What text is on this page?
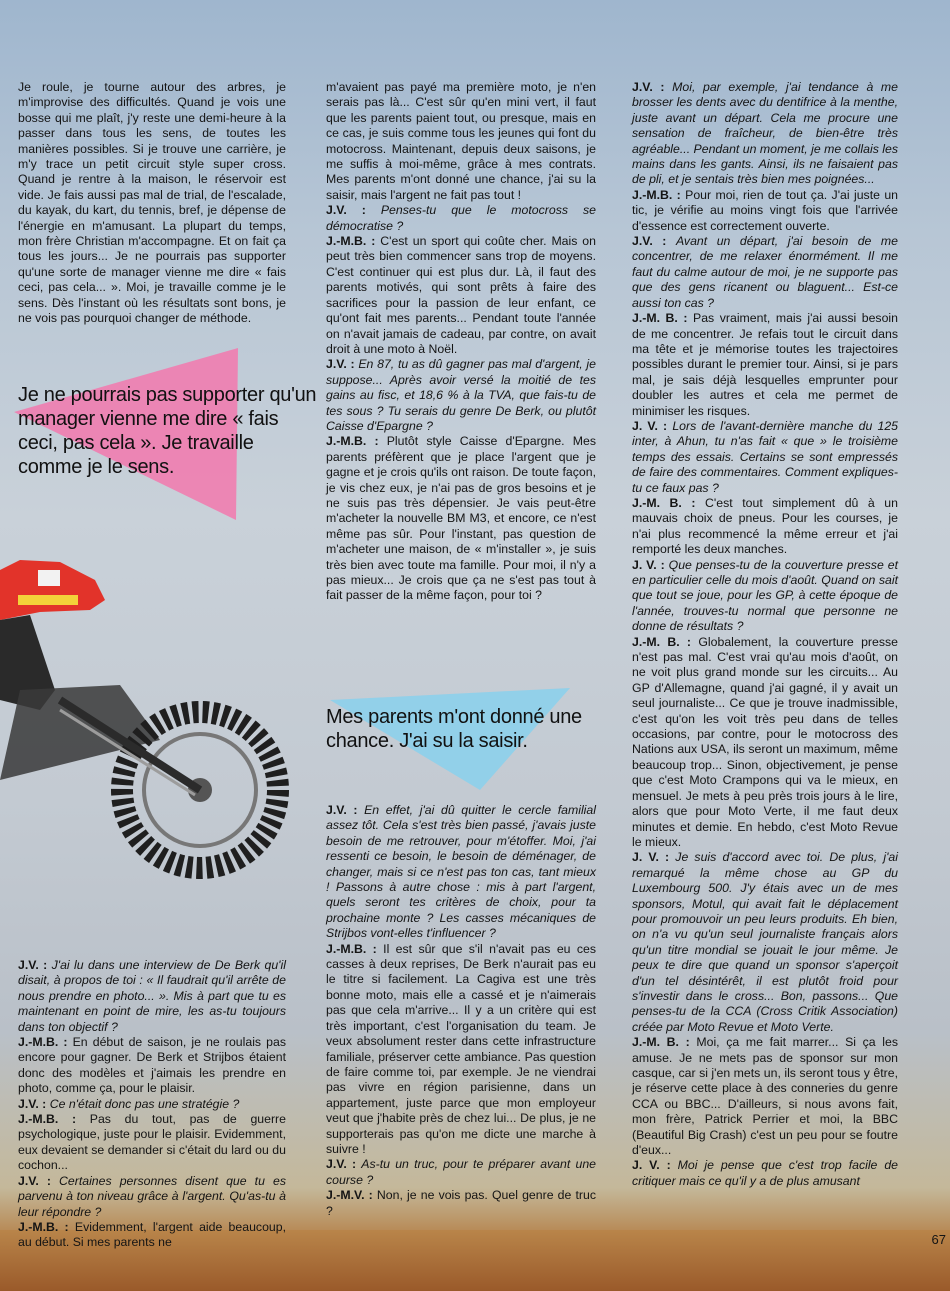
Je roule, je tourne autour des arbres, je m'improvise des difficultés. Quand je vois une bosse qui me plaît, j'y reste une demi-heure à la passer dans tous les sens, de toutes les manières possibles. Si je trouve une carrière, je m'y trace un petit circuit style super cross. Quand je rentre à la maison, le réservoir est vide. Je fais aussi pas mal de trial, de l'escalade, du kayak, du kart, du tennis, bref, je dépense de l'énergie en m'amusant. La plupart du temps, mon frère Christian m'accompagne. Et on fait ça tous les jours... Je ne pourrais pas supporter qu'une sorte de manager vienne me dire « fais ceci, pas cela... ». Moi, je travaille comme je le sens. Dès l'instant où les résultats sont bons, je ne vois pas pourquoi changer de méthode.

Je ne pourrais pas supporter qu'un manager vienne me dire « fais ceci, pas cela ». Je travaille comme je le sens.

J.V. : J'ai lu dans une interview de De Berk qu'il disait, à propos de toi : « Il faudrait qu'il arrête de nous prendre en photo... ». Mis à part que tu es maintenant en point de mire, les as-tu toujours dans ton objectif ?

J.-M.B. : En début de saison, je ne roulais pas encore pour gagner. De Berk et Strijbos étaient donc des modèles et j'aimais les prendre en photo, comme ça, pour le plaisir.

J.V. : Ce n'était donc pas une stratégie ?

J.-M.B. : Pas du tout, pas de guerre psychologique, juste pour le plaisir. Evidemment, eux devaient se demander si c'était du lard ou du cochon...

J.V. : Certaines personnes disent que tu es parvenu à ton niveau grâce à l'argent. Qu'as-tu à leur répondre ?

J.-M.B. : Evidemment, l'argent aide beaucoup, au début. Si mes parents ne

m'avaient pas payé ma première moto, je n'en serais pas là... C'est sûr qu'en mini vert, il faut que les parents paient tout, ou presque, mais en ce cas, je suis comme tous les jeunes qui font du motocross. Maintenant, depuis deux saisons, je me suffis à moi-même, grâce à mes contrats. Mes parents m'ont donné une chance, j'ai su la saisir, mais l'argent ne fait pas tout !

J.V. : Penses-tu que le motocross se démocratise ?

J.-M.B. : C'est un sport qui coûte cher. Mais on peut très bien commencer sans trop de moyens. C'est continuer qui est plus dur. Là, il faut des parents motivés, qui sont prêts à faire des sacrifices pour la passion de leur enfant, ce qu'ont fait mes parents... Pendant toute l'année on n'avait jamais de cadeau, par contre, on avait droit à une moto à Noël.

J.V. : En 87, tu as dû gagner pas mal d'argent, je suppose... Après avoir versé la moitié de tes gains au fisc, et 18,6 % à la TVA, que fais-tu de tes sous ? Tu serais du genre De Berk, ou plutôt Caisse d'Epargne ?

J.-M.B. : Plutôt style Caisse d'Epargne. Mes parents préfèrent que je place l'argent que je gagne et je crois qu'ils ont raison. De toute façon, je vis chez eux, je n'ai pas de gros besoins et je ne suis pas très dépensier. Je vais peut-être m'acheter la nouvelle BM M3, et encore, ce n'est même pas sûr. Pour l'instant, pas question de m'acheter une maison, de « m'installer », je suis très bien avec toute ma famille. Pour moi, il n'y a pas mieux... Je crois que ça ne s'est pas tout à fait passer de la même façon, pour toi ?

Mes parents m'ont donné une chance. J'ai su la saisir.

J.V. : En effet, j'ai dû quitter le cercle familial assez tôt. Cela s'est très bien passé, j'avais juste besoin de me retrouver, pour m'étoffer. Moi, j'ai ressenti ce besoin, le besoin de déménager, de changer, mais si ce n'est pas ton cas, tant mieux ! Passons à autre chose : mis à part l'argent, quels seront tes critères de choix, pour ta prochaine monte ? Les casses mécaniques de Strijbos vont-elles t'influencer ?

J.-M.B. : Il est sûr que s'il n'avait pas eu ces casses à deux reprises, De Berk n'aurait pas eu le titre si facilement. La Cagiva est une très bonne moto, mais elle a cassé et je n'aimerais pas que cela m'arrive... Il y a un critère qui est très important, c'est l'organisation du team. Je veux absolument rester dans cette infrastructure familiale, préserver cette ambiance. Pas question de faire comme toi, par exemple. Je ne viendrai pas vivre en région parisienne, dans un appartement, juste parce que mon employeur veut que j'habite près de chez lui... De plus, je ne supporterais pas qu'on me dicte une marche à suivre !

J.V. : As-tu un truc, pour te préparer avant une course ?

J.-M.V. : Non, je ne vois pas. Quel genre de truc ?

J.V. : Moi, par exemple, j'ai tendance à me brosser les dents avec du dentifrice à la menthe, juste avant un départ. Cela me procure une sensation de fraîcheur, de bien-être très agréable... Pendant un moment, je me collais les mains dans les gants. Ainsi, ils ne faisaient pas de pli, et je sentais très bien mes poignées...

J.-M.B. : Pour moi, rien de tout ça. J'ai juste un tic, je vérifie au moins vingt fois que l'arrivée d'essence est correctement ouverte.

J.V. : Avant un départ, j'ai besoin de me concentrer, de me relaxer énormément. Il me faut du calme autour de moi, je ne supporte pas que des gens ricanent ou blaguent... Est-ce aussi ton cas ?

J.-M. B. : Pas vraiment, mais j'ai aussi besoin de me concentrer. Je refais tout le circuit dans ma tête et je mémorise toutes les trajectoires possibles durant le premier tour. Ainsi, si je pars mal, je sais déjà lesquelles emprunter pour doubler les autres et cela me permet de minimiser les risques.

J. V. : Lors de l'avant-dernière manche du 125 inter, à Ahun, tu n'as fait « que » le troisième temps des essais. Certains se sont empressés de faire des commentaires. Comment expliques-tu ce faux pas ?

J.-M. B. : C'est tout simplement dû à un mauvais choix de pneus. Pour les courses, je n'ai plus recommencé la même erreur et j'ai remporté les deux manches.

J. V. : Que penses-tu de la couverture presse et en particulier celle du mois d'août. Quand on sait que tout se joue, pour les GP, à cette époque de l'année, trouves-tu normal que personne ne donne de résultats ?

J.-M. B. : Globalement, la couverture presse n'est pas mal. C'est vrai qu'au mois d'août, on ne voit plus grand monde sur les circuits... Au GP d'Allemagne, quand j'ai gagné, il y avait un seul journaliste... Ce que je trouve inadmissible, c'est qu'on les voit très peu dans de telles occasions, par contre, pour le motocross des Nations aux USA, ils seront un maximum, même beaucoup trop... Sinon, objectivement, je pense que c'est Moto Crampons qui va le mieux, en mensuel. Je mets à peu près trois jours à le lire, alors que pour Moto Verte, il me faut deux minutes et demie. En hebdo, c'est Moto Revue le mieux.

J. V. : Je suis d'accord avec toi. De plus, j'ai remarqué la même chose au GP du Luxembourg 500. J'y étais avec un de mes sponsors, Motul, qui avait fait le déplacement pour promouvoir un peu leurs produits. Eh bien, on n'a vu qu'un seul journaliste français alors qu'un titre mondial se jouait le jour même. Je peux te dire que quand un sponsor s'aperçoit d'un tel désintérêt, il est plutôt froid pour s'investir dans le cross... Bon, passons... Que penses-tu de la CCA (Cross Critik Association) créée par Moto Revue et Moto Verte.

J.-M. B. : Moi, ça me fait marrer... Si ça les amuse. Je ne mets pas de sponsor sur mon casque, car si j'en mets un, ils seront tous y être, je réserve cette place à des conneries du genre CCA ou BBC... D'ailleurs, si nous avons fait, mon frère, Patrick Perrier et moi, la BBC (Beautiful Big Crash) c'est un peu pour se foutre d'eux...

J. V. : Moi je pense que c'est trop facile de critiquer mais ce qu'il y a de plus amusant

67
